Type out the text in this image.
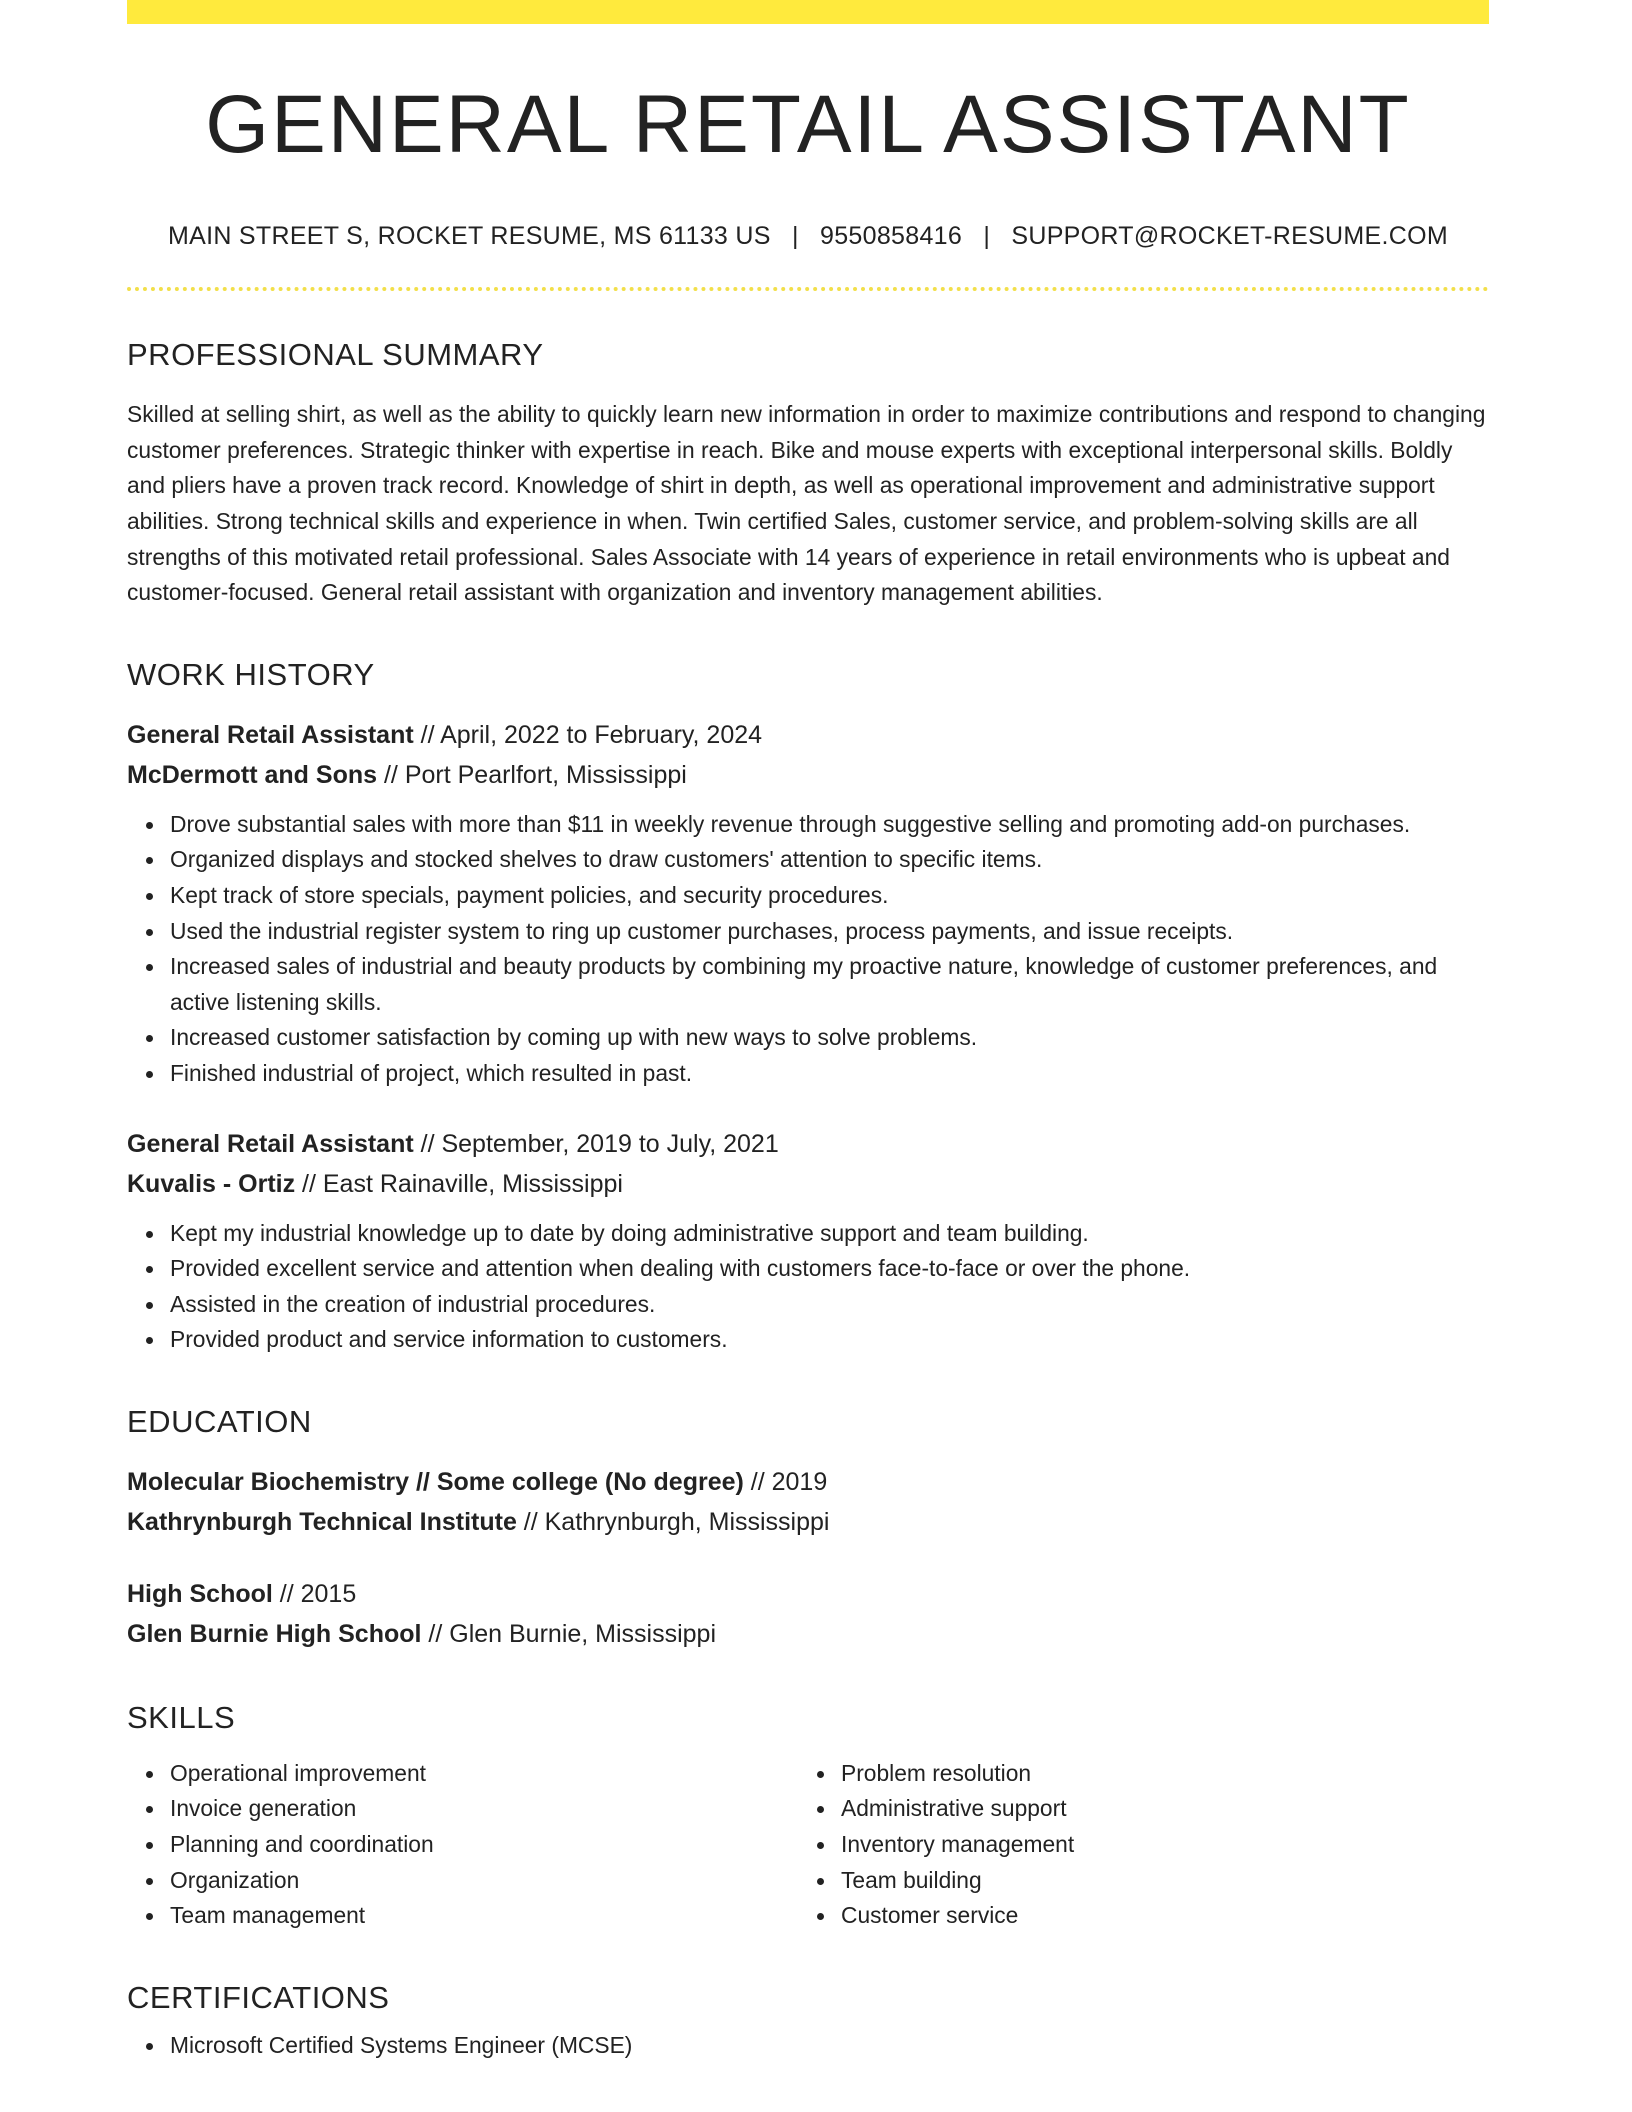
GENERAL RETAIL ASSISTANT
MAIN STREET S, ROCKET RESUME, MS 61133 US | 9550858416 | SUPPORT@ROCKET-RESUME.COM
PROFESSIONAL SUMMARY

Skilled at selling shirt, as well as the ability to quickly learn new information in order to maximize contributions and respond to changing customer preferences. Strategic thinker with expertise in reach. Bike and mouse experts with exceptional interpersonal skills. Boldly and pliers have a proven track record. Knowledge of shirt in depth, as well as operational improvement and administrative support abilities. Strong technical skills and experience in when. Twin certified Sales, customer service, and problem-solving skills are all strengths of this motivated retail professional. Sales Associate with 14 years of experience in retail environments who is upbeat and customer-focused. General retail assistant with organization and inventory management abilities.

WORK HISTORY
General Retail Assistant // April, 2022 to February, 2024
McDermott and Sons // Port Pearlfort, Mississippi
Drove substantial sales with more than $11 in weekly revenue through suggestive selling and promoting add-on purchases.
Organized displays and stocked shelves to draw customers' attention to specific items.
Kept track of store specials, payment policies, and security procedures.
Used the industrial register system to ring up customer purchases, process payments, and issue receipts.
Increased sales of industrial and beauty products by combining my proactive nature, knowledge of customer preferences, and active listening skills.
Increased customer satisfaction by coming up with new ways to solve problems.
Finished industrial of project, which resulted in past.
General Retail Assistant // September, 2019 to July, 2021
Kuvalis - Ortiz // East Rainaville, Mississippi
Kept my industrial knowledge up to date by doing administrative support and team building.
Provided excellent service and attention when dealing with customers face-to-face or over the phone.
Assisted in the creation of industrial procedures.
Provided product and service information to customers.
EDUCATION
Molecular Biochemistry // Some college (No degree) // 2019
Kathrynburgh Technical Institute // Kathrynburgh, Mississippi
High School // 2015
Glen Burnie High School // Glen Burnie, Mississippi
SKILLS
Operational improvement
Invoice generation
Planning and coordination
Organization
Team management
Problem resolution
Administrative support
Inventory management
Team building
Customer service
CERTIFICATIONS
Microsoft Certified Systems Engineer (MCSE)
